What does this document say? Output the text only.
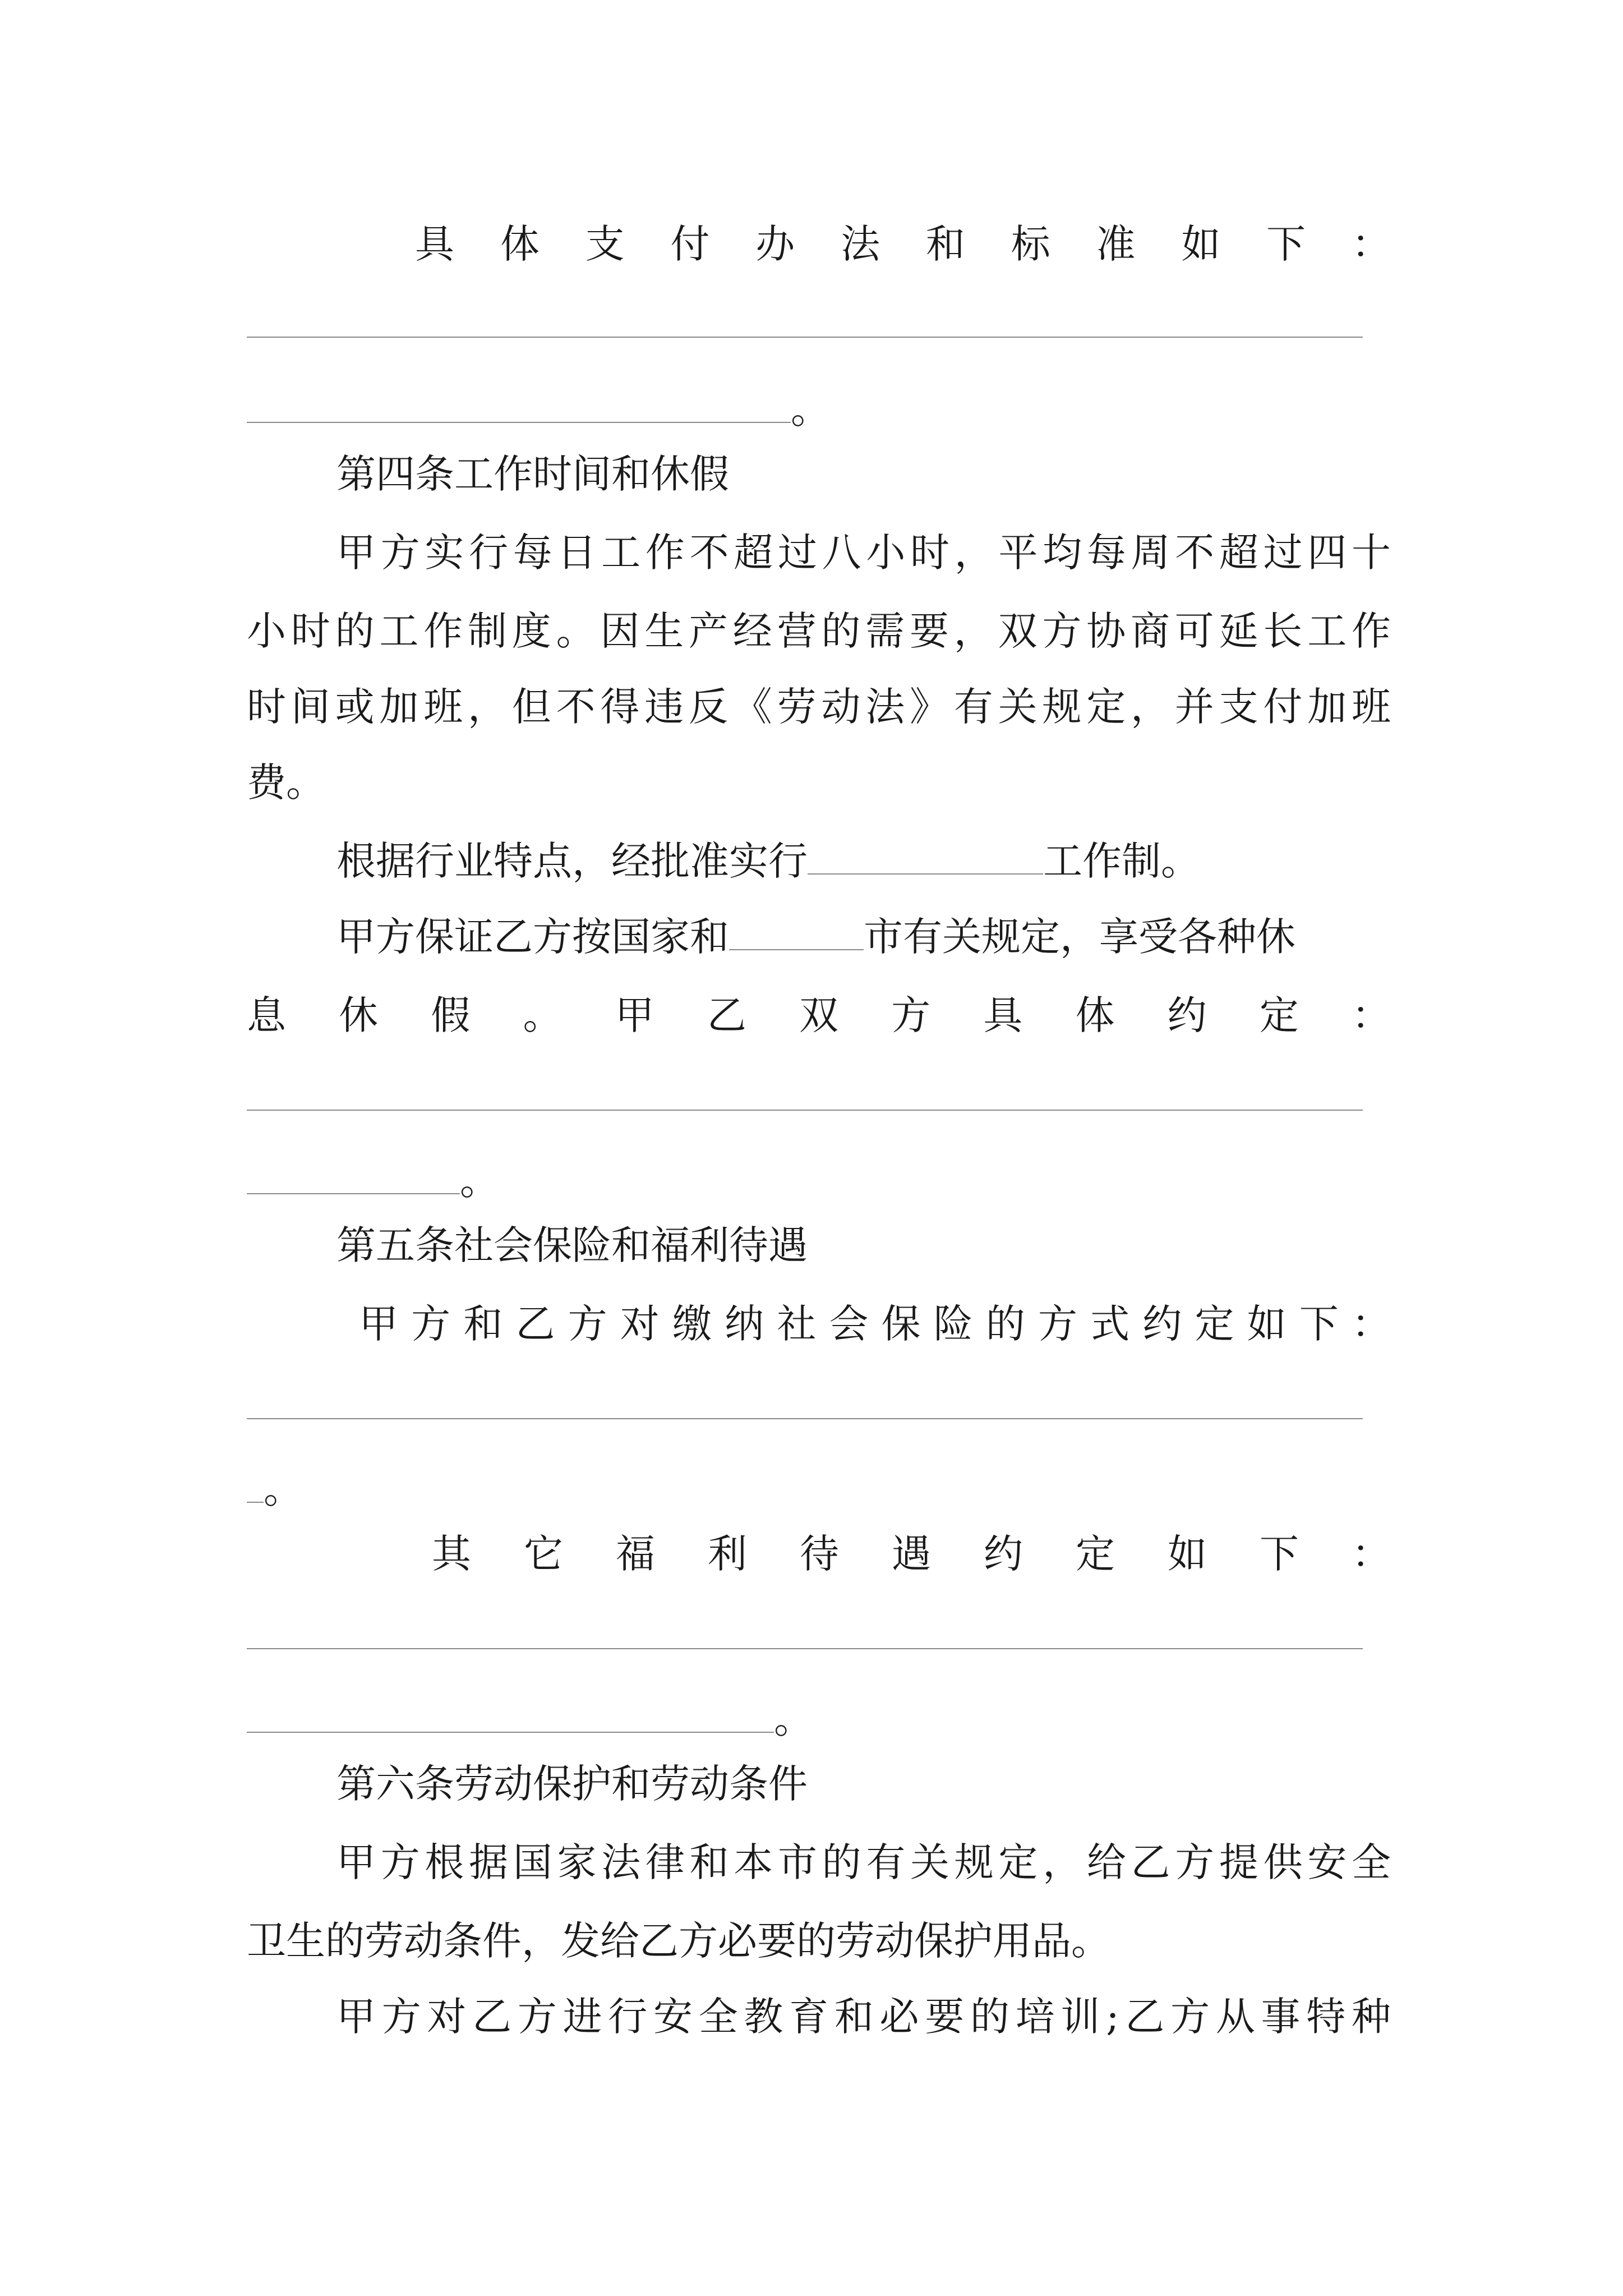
具体支付办法和标准如下：
。
第四条工作时间和休假
甲方实行每日工作不超过八小时，平均每周不超过四十
小时的工作制度。因生产经营的需要，双方协商可延长工作
时间或加班，但不得违反《劳动法》有关规定，并支付加班
费。
根据行业特点，经批准实行	工作制。
甲方保证乙方按国家和	市有关规定，享受各种休
息休假。甲乙双方具体约定：
。
第五条社会保险和福利待遇
甲方和乙方对缴纳社会保险的方式约定如下：
。
其它福利待遇约定如下：
。
第六条劳动保护和劳动条件
甲方根据国家法律和本市的有关规定，给乙方提供安全
卫生的劳动条件，发给乙方必要的劳动保护用品。
甲方对乙方进行安全教育和必要的培训;乙方从事特种
